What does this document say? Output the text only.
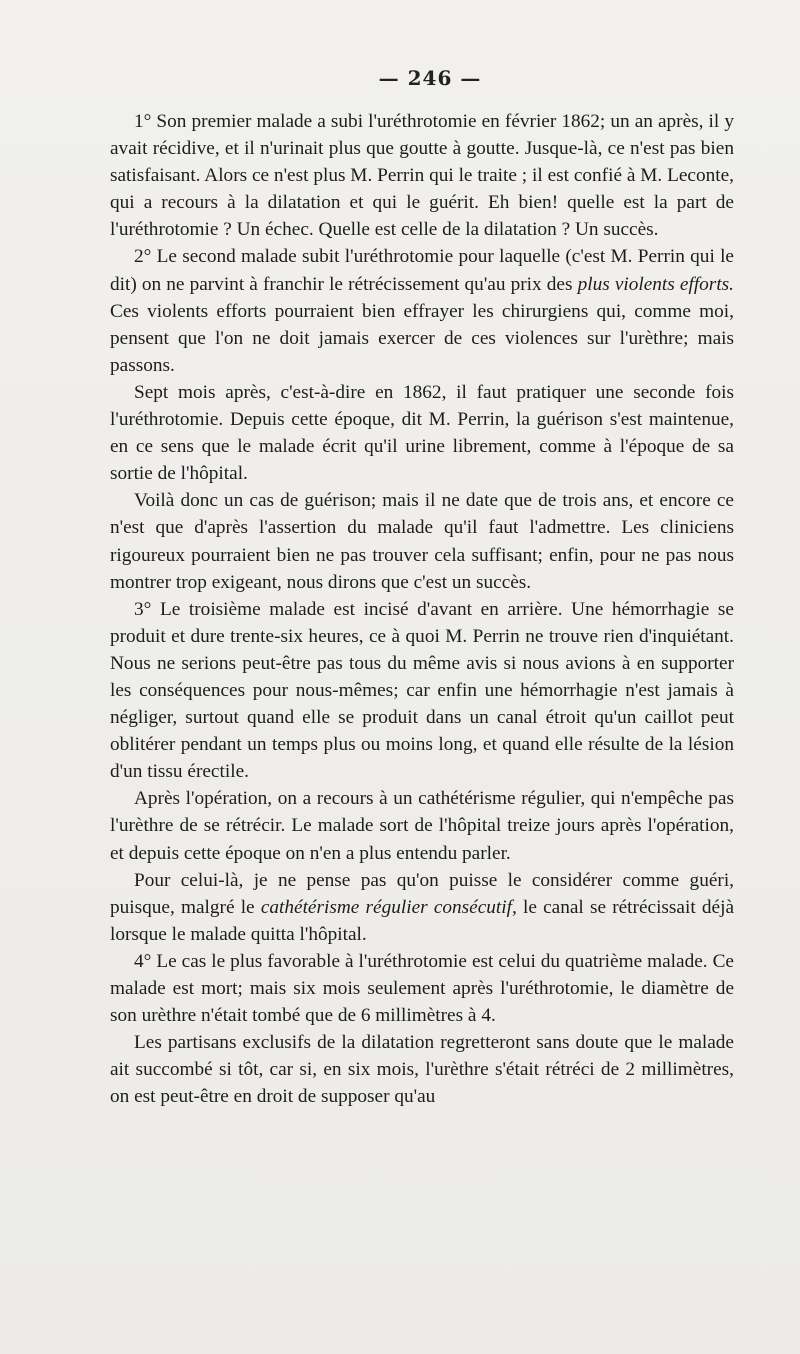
— 246 —

1° Son premier malade a subi l'uréthrotomie en février 1862; un an après, il y avait récidive, et il n'urinait plus que goutte à goutte. Jusque-là, ce n'est pas bien satisfaisant. Alors ce n'est plus M. Perrin qui le traite ; il est confié à M. Leconte, qui a recours à la dilatation et qui le guérit. Eh bien! quelle est la part de l'uréthrotomie ? Un échec. Quelle est celle de la dilatation ? Un succès.

2° Le second malade subit l'uréthrotomie pour laquelle (c'est M. Perrin qui le dit) on ne parvint à franchir le rétrécissement qu'au prix des plus violents efforts. Ces violents efforts pourraient bien effrayer les chirurgiens qui, comme moi, pensent que l'on ne doit jamais exercer de ces violences sur l'urèthre; mais passons.

Sept mois après, c'est-à-dire en 1862, il faut pratiquer une seconde fois l'uréthrotomie. Depuis cette époque, dit M. Perrin, la guérison s'est maintenue, en ce sens que le malade écrit qu'il urine librement, comme à l'époque de sa sortie de l'hôpital.

Voilà donc un cas de guérison; mais il ne date que de trois ans, et encore ce n'est que d'après l'assertion du malade qu'il faut l'admettre. Les cliniciens rigoureux pourraient bien ne pas trouver cela suffisant; enfin, pour ne pas nous montrer trop exigeant, nous dirons que c'est un succès.

3° Le troisième malade est incisé d'avant en arrière. Une hémorrhagie se produit et dure trente-six heures, ce à quoi M. Perrin ne trouve rien d'inquiétant. Nous ne serions peut-être pas tous du même avis si nous avions à en supporter les conséquences pour nous-mêmes; car enfin une hémorrhagie n'est jamais à négliger, surtout quand elle se produit dans un canal étroit qu'un caillot peut oblitérer pendant un temps plus ou moins long, et quand elle résulte de la lésion d'un tissu érectile.

Après l'opération, on a recours à un cathétérisme régulier, qui n'empêche pas l'urèthre de se rétrécir. Le malade sort de l'hôpital treize jours après l'opération, et depuis cette époque on n'en a plus entendu parler.

Pour celui-là, je ne pense pas qu'on puisse le considérer comme guéri, puisque, malgré le cathétérisme régulier consécutif, le canal se rétrécissait déjà lorsque le malade quitta l'hôpital.

4° Le cas le plus favorable à l'uréthrotomie est celui du quatrième malade. Ce malade est mort; mais six mois seulement après l'uréthrotomie, le diamètre de son urèthre n'était tombé que de 6 millimètres à 4.

Les partisans exclusifs de la dilatation regretteront sans doute que le malade ait succombé si tôt, car si, en six mois, l'urèthre s'était rétréci de 2 millimètres, on est peut-être en droit de supposer qu'au
